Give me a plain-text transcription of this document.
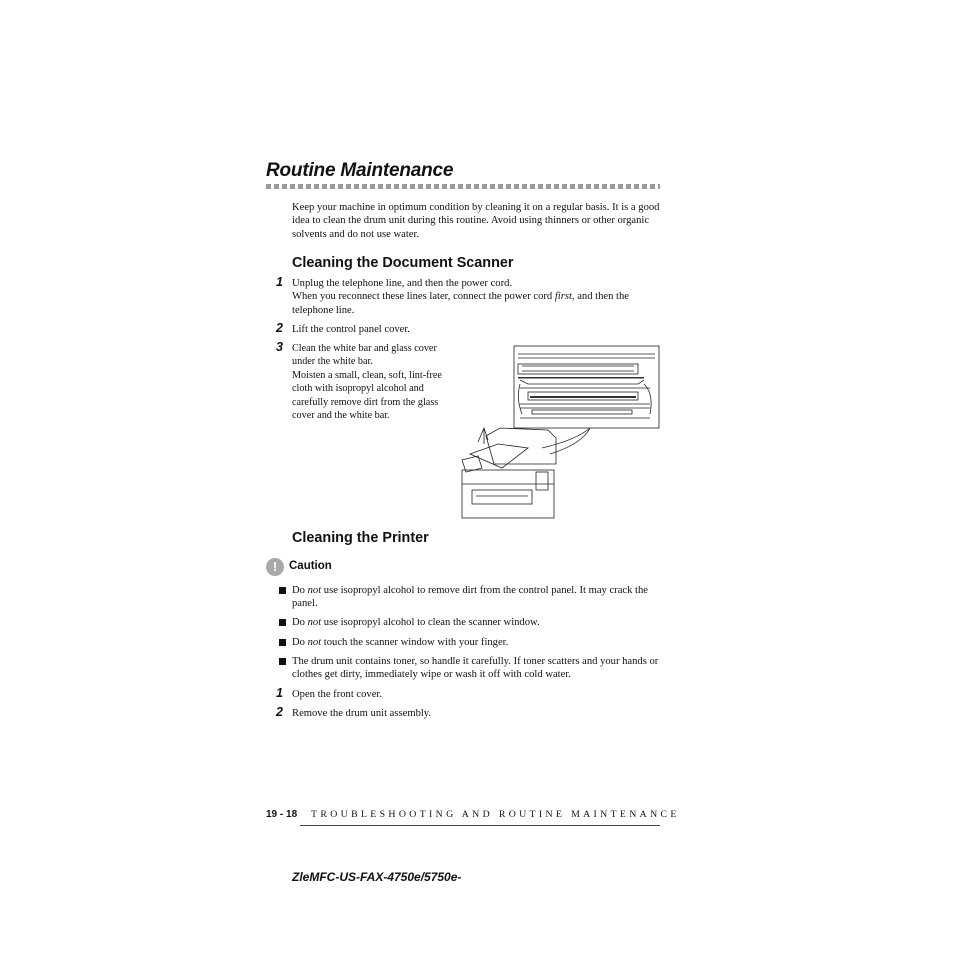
Routine Maintenance
Keep your machine in optimum condition by cleaning it on a regular basis. It is a good idea to clean the drum unit during this routine. Avoid using thinners or other organic solvents and do not use water.
Cleaning the Document Scanner
1 Unplug the telephone line, and then the power cord.
When you reconnect these lines later, connect the power cord first, and then the telephone line.
2 Lift the control panel cover.
3 Clean the white bar and glass cover under the white bar.
Moisten a small, clean, soft, lint-free cloth with isopropyl alcohol and carefully remove dirt from the glass cover and the white bar.
Cleaning the Printer
!	Caution
Do not use isopropyl alcohol to remove dirt from the control panel. It may crack the panel.
Do not use isopropyl alcohol to clean the scanner window.
Do not touch the scanner window with your finger.
The drum unit contains toner, so handle it carefully. If toner scatters and your hands or clothes get dirty, immediately wipe or wash it off with cold water.
1 Open the front cover.
2 Remove the drum unit assembly.
19 - 18 TROUBLESHOOTING AND ROUTINE MAINTENANCE
ZleMFC-US-FAX-4750e/5750e-
